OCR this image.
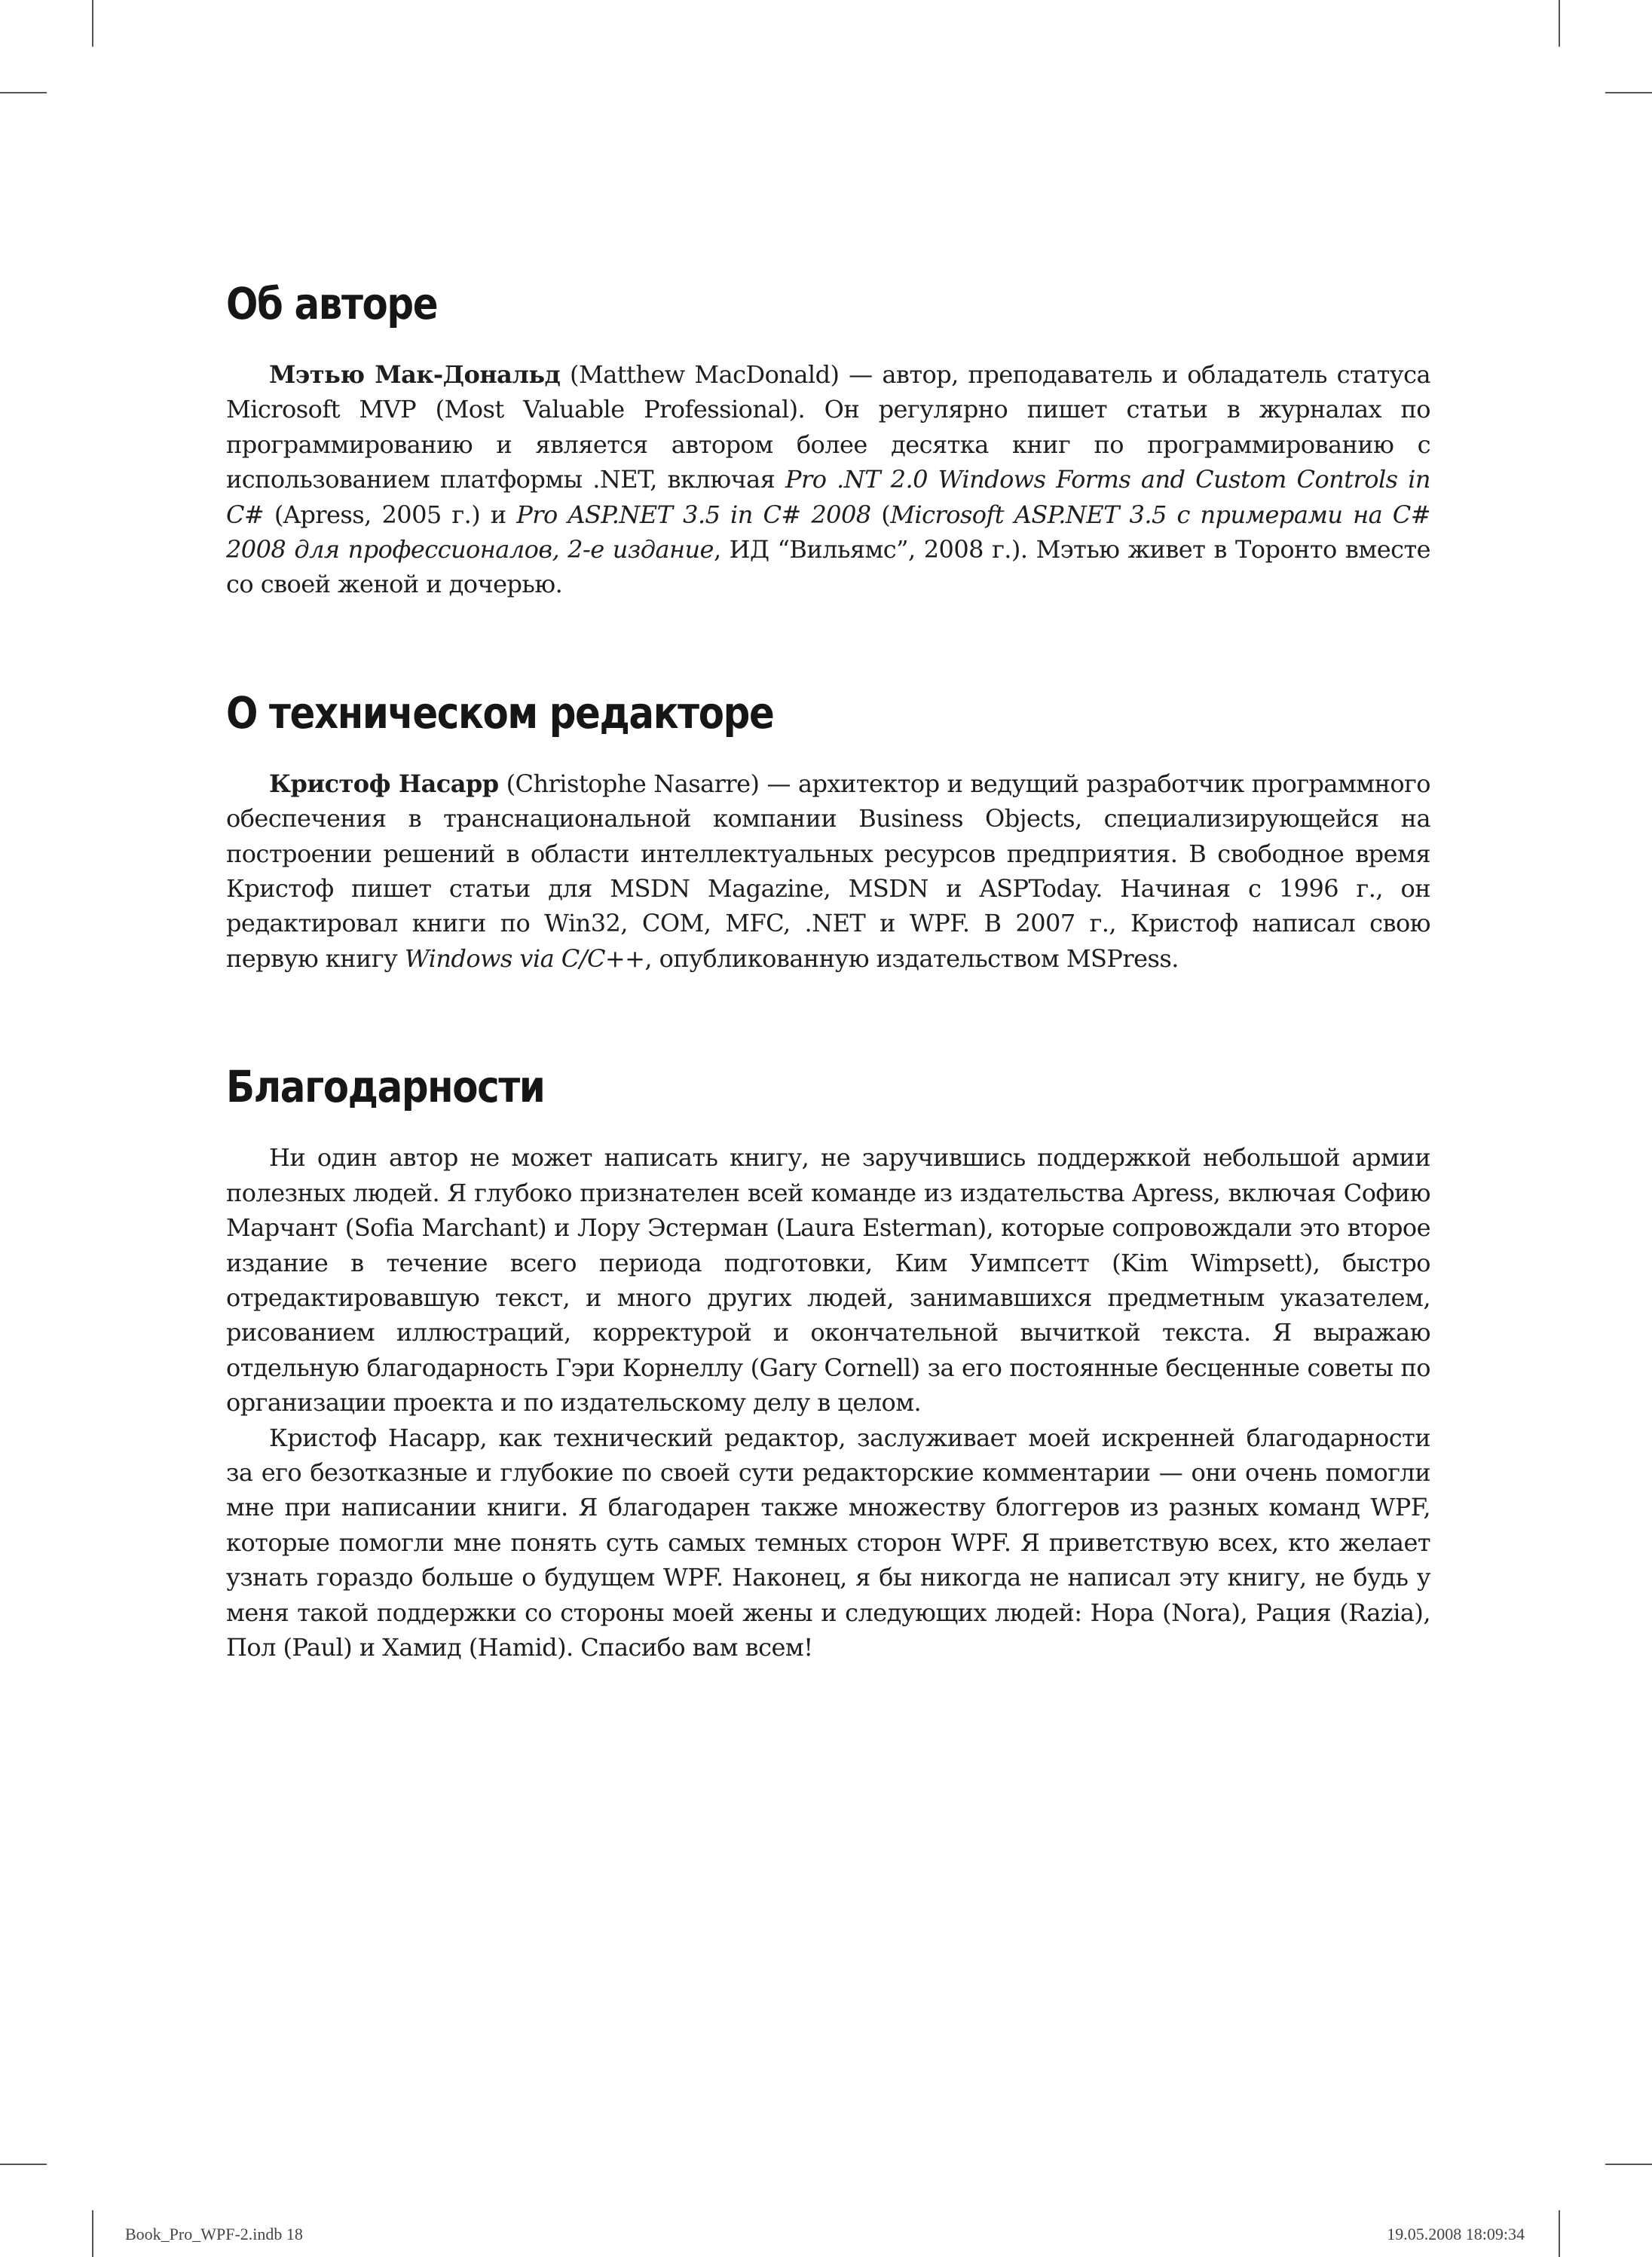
Об авторе

Мэтью Мак-Дональд (Matthew MacDonald) — автор, преподаватель и обладатель статуса Microsoft MVP (Most Valuable Professional). Он регулярно пишет статьи в журналах по программированию и является автором более десятка книг по программированию с использованием платформы .NET, включая Pro .NT 2.0 Windows Forms and Custom Controls in C# (Apress, 2005 г.) и Pro ASP.NET 3.5 in C# 2008 (Microsoft ASP.NET 3.5 с примерами на C# 2008 для профессионалов, 2-е издание, ИД “Вильямс”, 2008 г.). Мэтью живет в Торонто вместе со своей женой и дочерью.

О техническом редакторе

Кристоф Насарр (Christophe Nasarre) — архитектор и ведущий разработчик программного обеспечения в транснациональной компании Business Objects, специализирующейся на построении решений в области интеллектуальных ресурсов предприятия. В свободное время Кристоф пишет статьи для MSDN Magazine, MSDN и ASPToday. Начиная с 1996 г., он редактировал книги по Win32, COM, MFC, .NET и WPF. В 2007 г., Кристоф написал свою первую книгу Windows via C/C++, опубликованную издательством MSPress.

Благодарности

Ни один автор не может написать книгу, не заручившись поддержкой небольшой армии полезных людей. Я глубоко признателен всей команде из издательства Apress, включая Софию Марчант (Sofia Marchant) и Лору Эстерман (Laura Esterman), которые сопровождали это второе издание в течение всего периода подготовки, Ким Уимпсетт (Kim Wimpsett), быстро отредактировавшую текст, и много других людей, занимавшихся предметным указателем, рисованием иллюстраций, корректурой и окончательной вычиткой текста. Я выражаю отдельную благодарность Гэри Корнеллу (Gary Cornell) за его постоянные бесценные советы по организации проекта и по издательскому делу в целом.

Кристоф Насарр, как технический редактор, заслуживает моей искренней благодарности за его безотказные и глубокие по своей сути редакторские комментарии — они очень помогли мне при написании книги. Я благодарен также множеству блоггеров из разных команд WPF, которые помогли мне понять суть самых темных сторон WPF. Я приветствую всех, кто желает узнать гораздо больше о будущем WPF. Наконец, я бы никогда не написал эту книгу, не будь у меня такой поддержки со стороны моей жены и следующих людей: Нора (Nora), Рация (Razia), Пол (Paul) и Хамид (Hamid). Спасибо вам всем!

Book_Pro_WPF-2.indb 18	19.05.2008 18:09:34
